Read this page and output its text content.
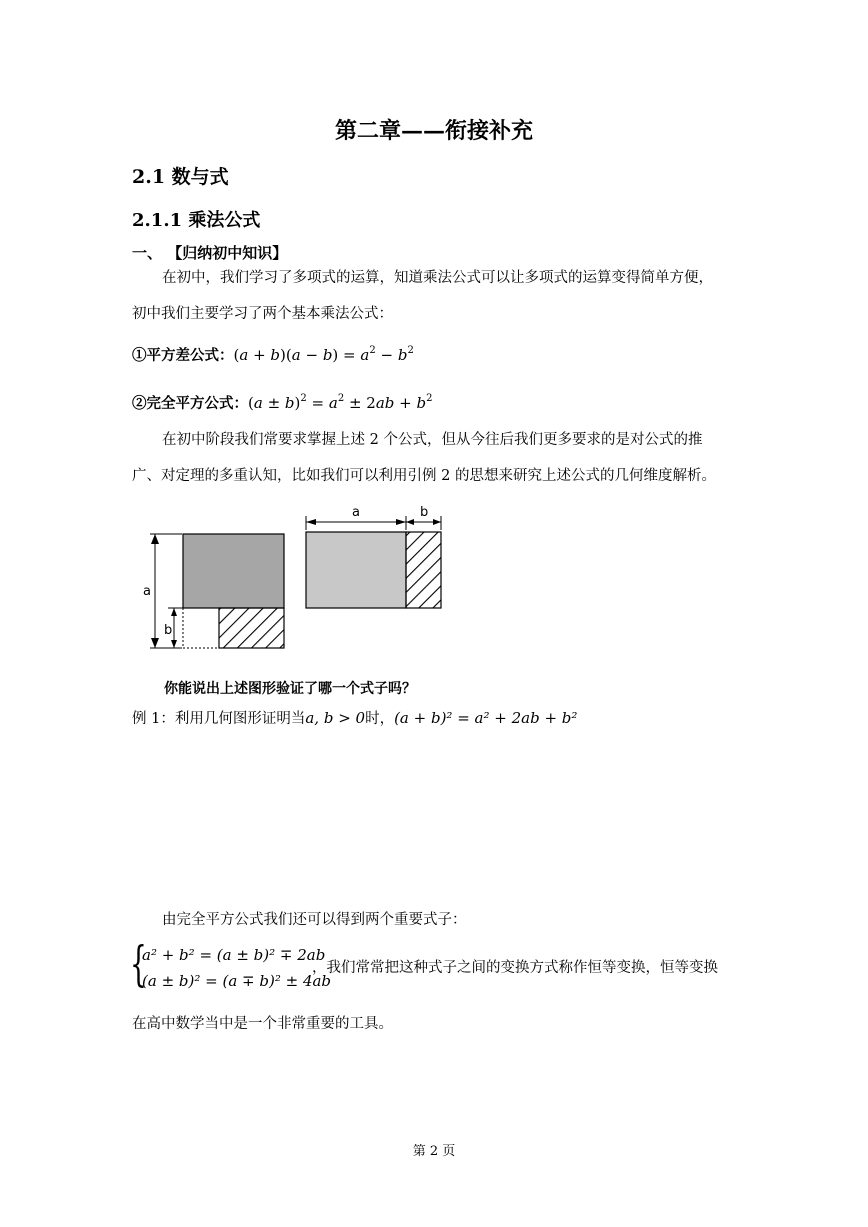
第二章——衔接补充
2.1 数与式
2.1.1 乘法公式
一、 【归纳初中知识】
在初中，我们学习了多项式的运算，知道乘法公式可以让多项式的运算变得简单方便，
初中我们主要学习了两个基本乘法公式：
①平方差公式：$(a + b)(a - b) = a^2 - b^2$
②完全平方公式：$(a \pm b)^2 = a^2 \pm 2ab + b^2$
在初中阶段我们常要求掌握上述 2 个公式，但从今往后我们更多要求的是对公式的推
广、对定理的多重认知，比如我们可以利用引例 2 的思想来研究上述公式的几何维度解析。
a
b
a	b
你能说出上述图形验证了哪一个式子吗？
例 1：利用几何图形证明当a, b > 0时，(a + b)² = a² + 2ab + b²
由完全平方公式我们还可以得到两个重要式子：
{
a² + b² = (a ± b)² ∓ 2ab
(a ± b)² = (a ∓ b)² ± 4ab
，我们常常把这种式子之间的变换方式称作恒等变换，恒等变换
在高中数学当中是一个非常重要的工具。
第 2 页
